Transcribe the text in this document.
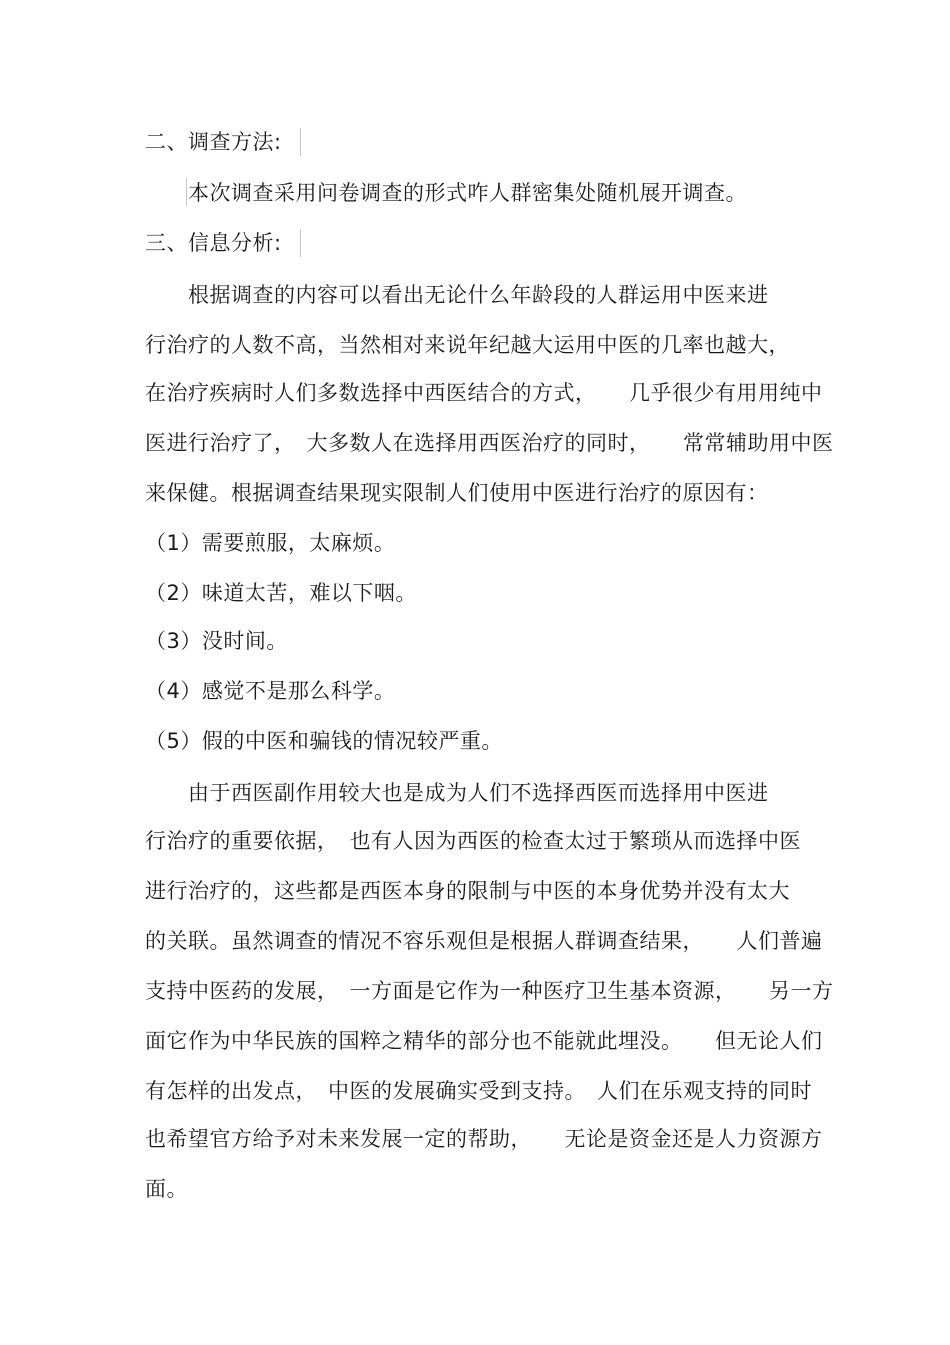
二、调查方法:
本次调查采用问卷调查的形式咋人群密集处随机展开调查。
三、信息分析:
根据调查的内容可以看出无论什么年龄段的人群运用中医来进
行治疗的人数不高，当然相对来说年纪越大运用中医的几率也越大，
在治疗疾病时人们多数选择中西医结合的方式，　　几乎很少有用用纯中
医进行治疗了，　大多数人在选择用西医治疗的同时，　　常常辅助用中医
来保健。根据调查结果现实限制人们使用中医进行治疗的原因有：
（1）需要煎服，太麻烦。
（2）味道太苦，难以下咽。
（3）没时间。
（4）感觉不是那么科学。
（5）假的中医和骗钱的情况较严重。
由于西医副作用较大也是成为人们不选择西医而选择用中医进
行治疗的重要依据，　也有人因为西医的检查太过于繁琐从而选择中医
进行治疗的，这些都是西医本身的限制与中医的本身优势并没有太大
的关联。虽然调查的情况不容乐观但是根据人群调查结果，　　人们普遍
支持中医药的发展，　一方面是它作为一种医疗卫生基本资源，　　另一方
面它作为中华民族的国粹之精华的部分也不能就此埋没。　　但无论人们
有怎样的出发点，　中医的发展确实受到支持。　人们在乐观支持的同时
也希望官方给予对未来发展一定的帮助，　　无论是资金还是人力资源方
面。
